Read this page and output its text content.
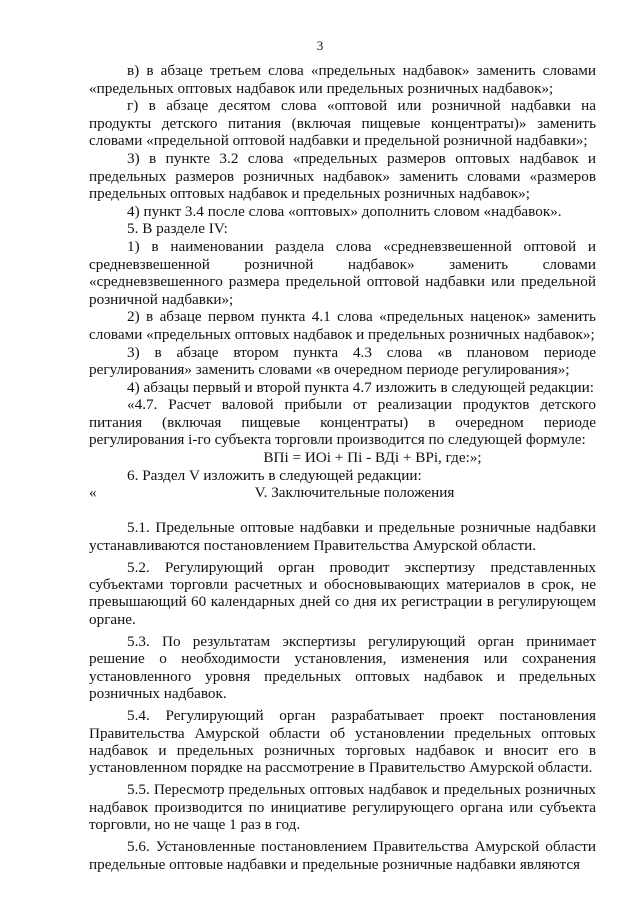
3

в) в абзаце третьем слова «предельных надбавок» заменить словами «предельных оптовых надбавок или предельных розничных надбавок»;

г) в абзаце десятом слова «оптовой или розничной надбавки на продукты детского питания (включая пищевые концентраты)» заменить словами «предельной оптовой надбавки и предельной розничной надбавки»;

3) в пункте 3.2 слова «предельных размеров оптовых надбавок и предельных размеров розничных надбавок» заменить словами «размеров предельных оптовых надбавок и предельных розничных надбавок»;

4) пункт 3.4 после слова «оптовых» дополнить словом «надбавок».

5. В разделе IV:

1) в наименовании раздела слова «средневзвешенной оптовой и средневзвешенной розничной надбавок» заменить словами «средневзвешенного размера предельной оптовой надбавки или предельной розничной надбавки»;

2) в абзаце первом пункта 4.1 слова «предельных наценок» заменить словами «предельных оптовых надбавок и предельных розничных надбавок»;

3) в абзаце втором пункта 4.3 слова «в плановом периоде регулирования» заменить словами «в очередном периоде регулирования»;

4) абзацы первый и второй пункта 4.7 изложить в следующей редакции:

«4.7. Расчет валовой прибыли от реализации продуктов детского питания (включая пищевые концентраты) в очередном периоде регулирования i-го субъекта торговли производится по следующей формуле:

ВПi = ИОi + Пi - ВДi + ВРi, где:»;

6. Раздел V изложить в следующей редакции:

«	V. Заключительные положения

5.1. Предельные оптовые надбавки и предельные розничные надбавки устанавливаются постановлением Правительства Амурской области.

5.2. Регулирующий орган проводит экспертизу представленных субъектами торговли расчетных и обосновывающих материалов в срок, не превышающий 60 календарных дней со дня их регистрации в регулирующем органе.

5.3. По результатам экспертизы регулирующий орган принимает решение о необходимости установления, изменения или сохранения установленного уровня предельных оптовых надбавок и предельных розничных надбавок.

5.4. Регулирующий орган разрабатывает проект постановления Правительства Амурской области об установлении предельных оптовых надбавок и предельных розничных торговых надбавок и вносит его в установленном порядке на рассмотрение в Правительство Амурской области.

5.5. Пересмотр предельных оптовых надбавок и предельных розничных надбавок производится по инициативе регулирующего органа или субъекта торговли, но не чаще 1 раз в год.

5.6. Установленные постановлением Правительства Амурской области предельные оптовые надбавки и предельные розничные надбавки являются
